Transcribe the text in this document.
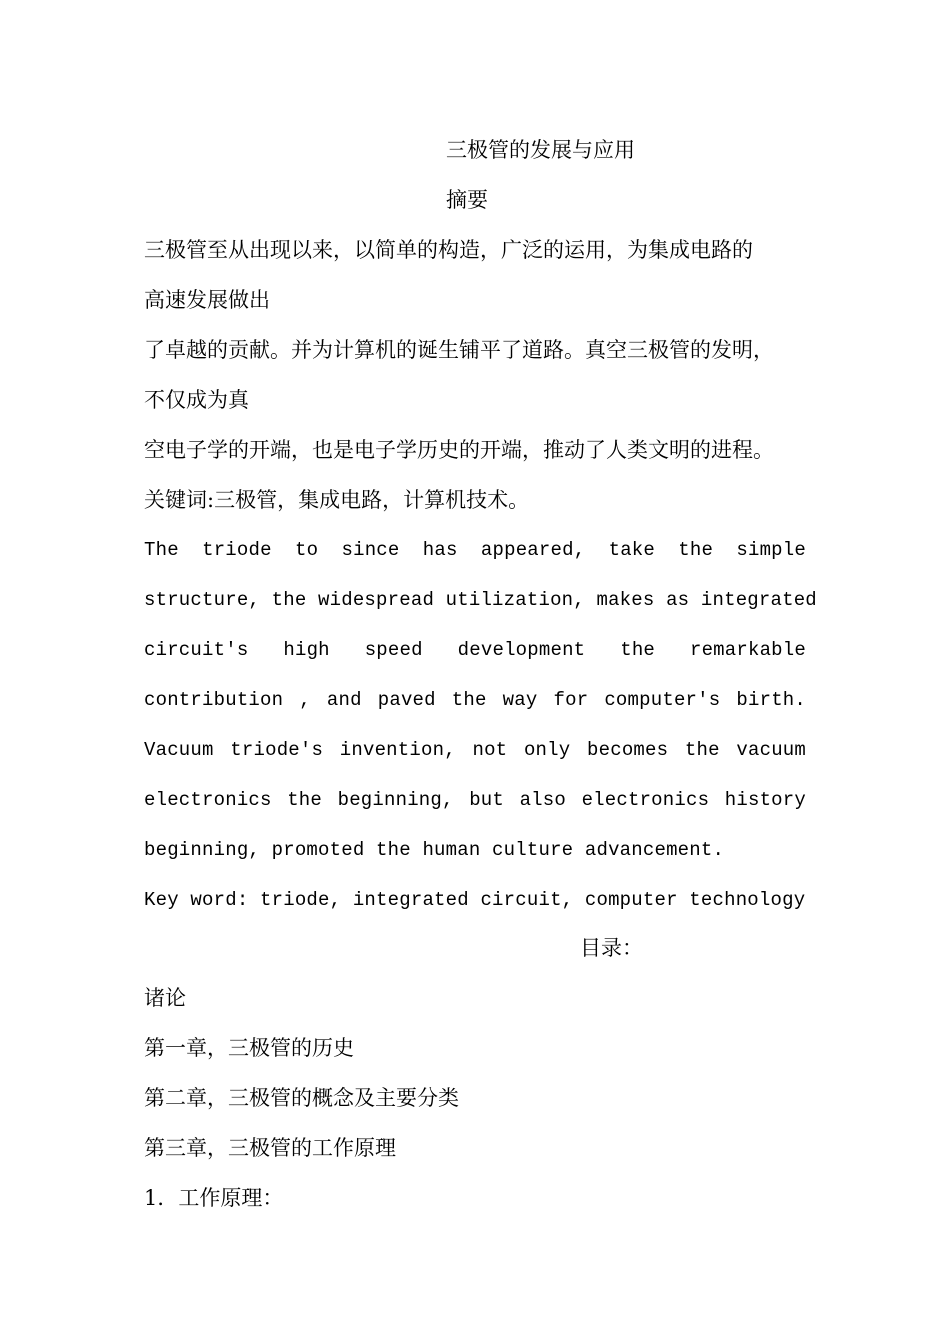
三极管的发展与应用
摘要
三极管至从出现以来，以简单的构造，广泛的运用，为集成电路的
高速发展做出
了卓越的贡献。并为计算机的诞生铺平了道路。真空三极管的发明，
不仅成为真
空电子学的开端，也是电子学历史的开端，推动了人类文明的进程。
关键词:三极管，集成电路，计算机技术。
The triode to since has appeared, take the simple
structure, the widespread utilization, makes as integrated
circuit's high speed development the remarkable
contribution , and paved the way for computer's birth.
Vacuum triode's invention, not only becomes the vacuum
electronics the beginning, but also electronics history
beginning, promoted the human culture advancement.
Key word: triode, integrated circuit, computer technology
目录：
诸论
第一章，三极管的历史
第二章，三极管的概念及主要分类
第三章，三极管的工作原理
1．工作原理：
